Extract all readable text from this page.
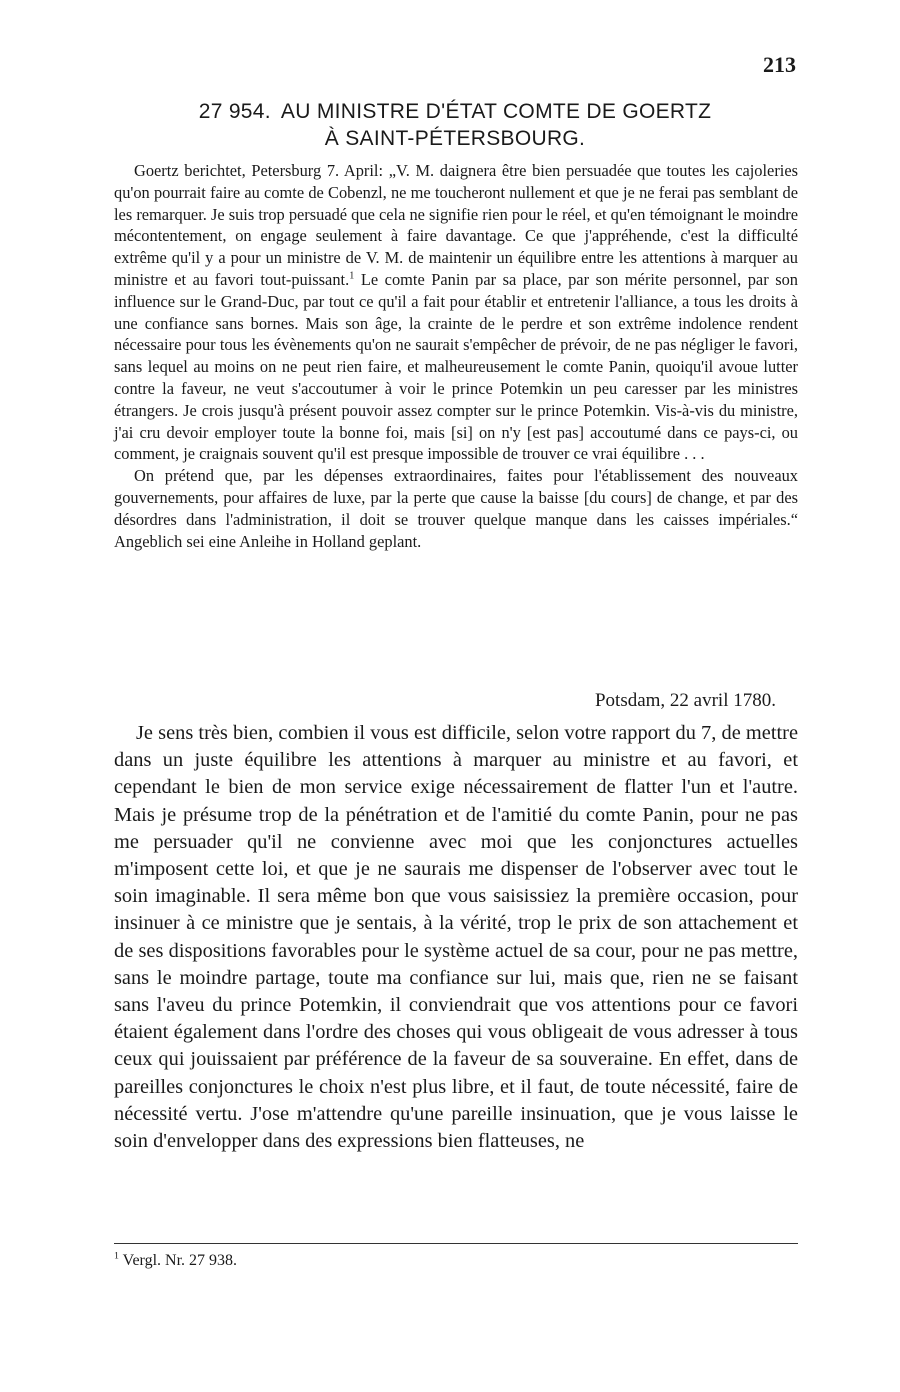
213
27 954. AU MINISTRE D'ÉTAT COMTE DE GOERTZ
À SAINT-PÉTERSBOURG.

Goertz berichtet, Petersburg 7. April: „V. M. daignera être bien persuadée que toutes les cajoleries qu'on pourrait faire au comte de Cobenzl, ne me toucheront nullement et que je ne ferai pas semblant de les remarquer. Je suis trop persuadé que cela ne signifie rien pour le réel, et qu'en témoignant le moindre mécontentement, on engage seulement à faire davantage. Ce que j'appréhende, c'est la difficulté extrême qu'il y a pour un ministre de V. M. de maintenir un équilibre entre les attentions à marquer au ministre et au favori tout-puissant.$^1$ Le comte Panin par sa place, par son mérite personnel, par son influence sur le Grand-Duc, par tout ce qu'il a fait pour établir et entretenir l'alliance, a tous les droits à une confiance sans bornes. Mais son âge, la crainte de le perdre et son extrême indolence rendent nécessaire pour tous les évènements qu'on ne saurait s'empêcher de prévoir, de ne pas négliger le favori, sans lequel au moins on ne peut rien faire, et malheureusement le comte Panin, quoiqu'il avoue lutter contre la faveur, ne veut s'accoutumer à voir le prince Potemkin un peu caresser par les ministres étrangers. Je crois jusqu'à présent pouvoir assez compter sur le prince Potemkin. Vis-à-vis du ministre, j'ai cru devoir employer toute la bonne foi, mais [si] on n'y [est pas] accoutumé dans ce pays-ci, ou comment, je craignais souvent qu'il est presque impossible de trouver ce vrai équilibre . . .

On prétend que, par les dépenses extraordinaires, faites pour l'établissement des nouveaux gouvernements, pour affaires de luxe, par la perte que cause la baisse [du cours] de change, et par des désordres dans l'administration, il doit se trouver quelque manque dans les caisses impériales.“ Angeblich sei eine Anleihe in Holland geplant.

Potsdam, 22 avril 1780.

Je sens très bien, combien il vous est difficile, selon votre rapport du 7, de mettre dans un juste équilibre les attentions à marquer au ministre et au favori, et cependant le bien de mon service exige nécessairement de flatter l'un et l'autre. Mais je présume trop de la pénétration et de l'amitié du comte Panin, pour ne pas me persuader qu'il ne convienne avec moi que les conjonctures actuelles m'imposent cette loi, et que je ne saurais me dispenser de l'observer avec tout le soin imaginable. Il sera même bon que vous saisissiez la première occasion, pour insinuer à ce ministre que je sentais, à la vérité, trop le prix de son attachement et de ses dispositions favorables pour le système actuel de sa cour, pour ne pas mettre, sans le moindre partage, toute ma confiance sur lui, mais que, rien ne se faisant sans l'aveu du prince Potemkin, il conviendrait que vos attentions pour ce favori étaient également dans l'ordre des choses qui vous obligeait de vous adresser à tous ceux qui jouissaient par préférence de la faveur de sa souveraine. En effet, dans de pareilles conjonctures le choix n'est plus libre, et il faut, de toute nécessité, faire de nécessité vertu. J'ose m'attendre qu'une pareille insinuation, que je vous laisse le soin d'envelopper dans des expressions bien flatteuses, ne

$^1$ Vergl. Nr. 27 938.
